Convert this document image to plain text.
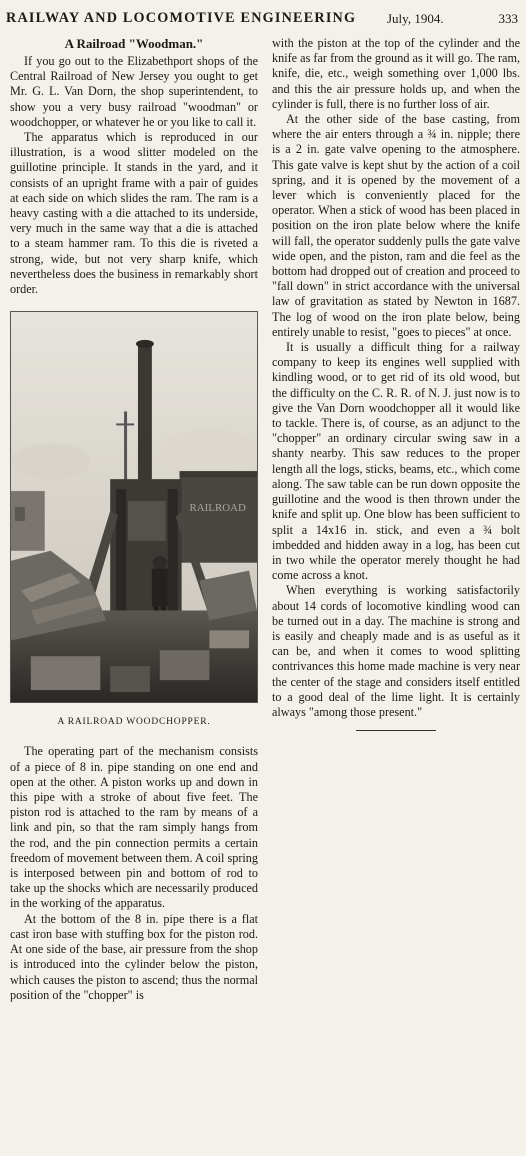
RAILWAY AND LOCOMOTIVE ENGINEERING July, 1904.	333
A Railroad "Woodman."

If you go out to the Elizabethport shops of the Central Railroad of New Jersey you ought to get Mr. G. L. Van Dorn, the shop superintendent, to show you a very busy railroad "woodman" or woodchopper, or whatever he or you like to call it.

The apparatus which is reproduced in our illustration, is a wood slitter modeled on the guillotine principle. It stands in the yard, and it consists of an upright frame with a pair of guides at each side on which slides the ram. The ram is a heavy casting with a die attached to its underside, very much in the same way that a die is attached to a steam hammer ram. To this die is riveted a strong, wide, but not very sharp knife, which nevertheless does the business in remarkably short order.

RAILROAD
A RAILROAD WOODCHOPPER.

The operating part of the mechanism consists of a piece of 8 in. pipe standing on one end and open at the other. A piston works up and down in this pipe with a stroke of about five feet. The piston rod is attached to the ram by means of a link and pin, so that the ram simply hangs from the rod, and the pin connection permits a certain freedom of movement between them. A coil spring is interposed between pin and bottom of rod to take up the shocks which are necessarily produced in the working of the apparatus.

At the bottom of the 8 in. pipe there is a flat cast iron base with stuffing box for the piston rod. At one side of the base, air pressure from the shop is introduced into the cylinder below the piston, which causes the piston to ascend; thus the normal position of the "chopper" is

with the piston at the top of the cylinder and the knife as far from the ground as it will go. The ram, knife, die, etc., weigh something over 1,000 lbs. and this the air pressure holds up, and when the cylinder is full, there is no further loss of air.

At the other side of the base casting, from where the air enters through a ¾ in. nipple; there is a 2 in. gate valve opening to the atmosphere. This gate valve is kept shut by the action of a coil spring, and it is opened by the movement of a lever which is conveniently placed for the operator. When a stick of wood has been placed in position on the iron plate below where the knife will fall, the operator suddenly pulls the gate valve wide open, and the piston, ram and die feel as the bottom had dropped out of creation and proceed to "fall down" in strict accordance with the universal law of gravitation as stated by Newton in 1687. The log of wood on the iron plate below, being entirely unable to resist, "goes to pieces" at once.

It is usually a difficult thing for a railway company to keep its engines well supplied with kindling wood, or to get rid of its old wood, but the difficulty on the C. R. R. of N. J. just now is to give the Van Dorn woodchopper all it would like to tackle. There is, of course, as an adjunct to the "chopper" an ordinary circular swing saw in a shanty nearby. This saw reduces to the proper length all the logs, sticks, beams, etc., which come along. The saw table can be run down opposite the guillotine and the wood is then thrown under the knife and split up. One blow has been sufficient to split a 14x16 in. stick, and even a ¾ bolt imbedded and hidden away in a log, has been cut in two while the operator merely thought he had come across a knot.

When everything is working satisfactorily about 14 cords of locomotive kindling wood can be turned out in a day. The machine is strong and is easily and cheaply made and is as useful as it can be, and when it comes to wood splitting contrivances this home made machine is very near the center of the stage and considers itself entitled to a good deal of the lime light. It is certainly always "among those present."
